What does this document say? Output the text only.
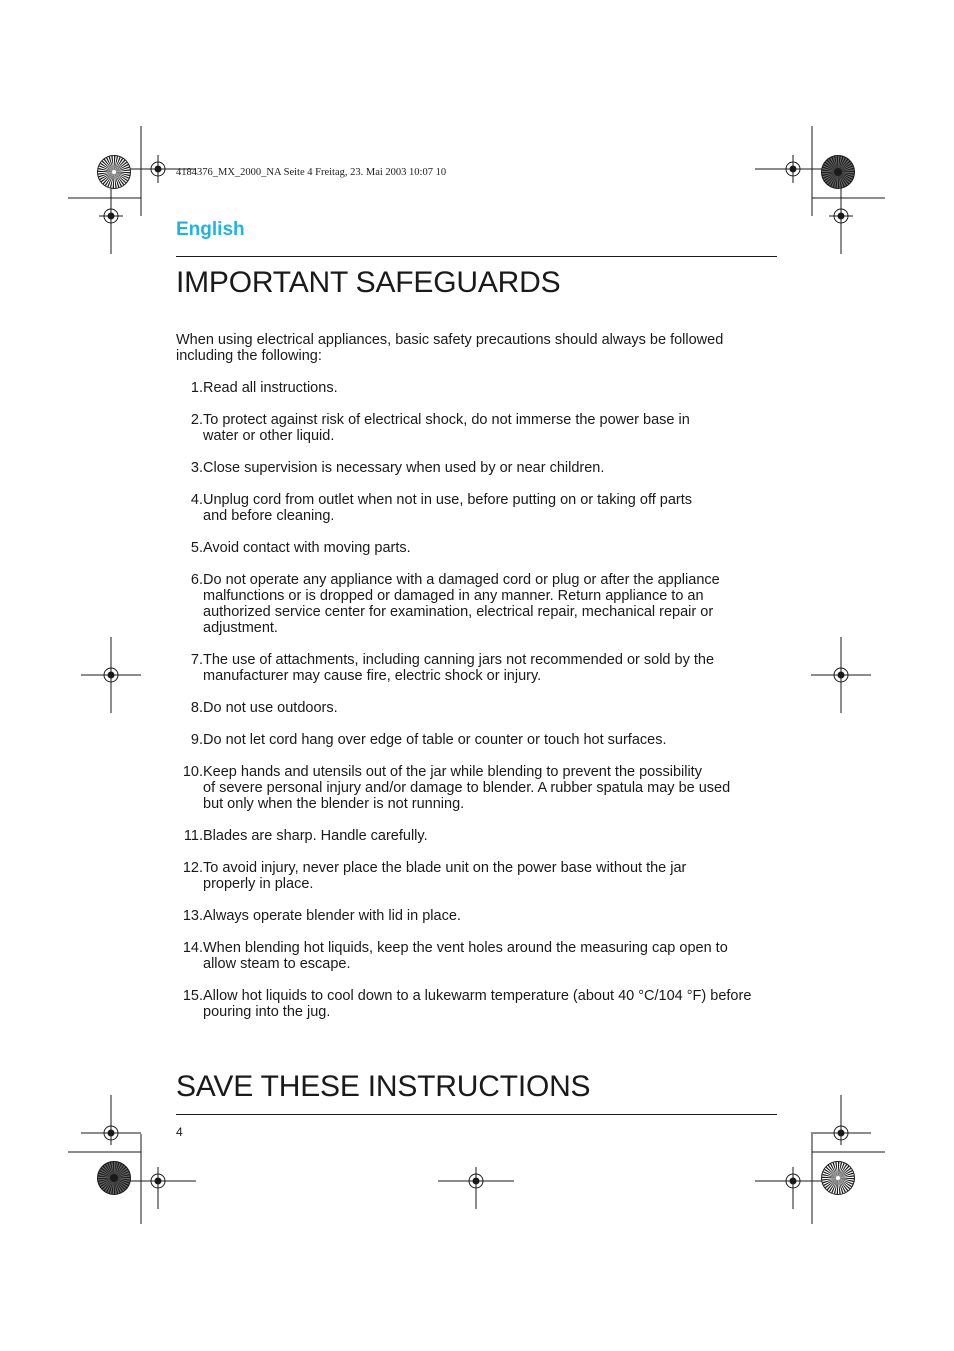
4184376_MX_2000_NA Seite 4 Freitag, 23. Mai 2003 10:07 10
English
IMPORTANT SAFEGUARDS
When using electrical appliances, basic safety precautions should always be followed
including the following:
1. Read all instructions.
2. To protect against risk of electrical shock, do not immerse the power base in
water or other liquid.
3. Close supervision is necessary when used by or near children.
4. Unplug cord from outlet when not in use, before putting on or taking off parts
and before cleaning.
5. Avoid contact with moving parts.
6. Do not operate any appliance with a damaged cord or plug or after the appliance
malfunctions or is dropped or damaged in any manner. Return appliance to an
authorized service center for examination, electrical repair, mechanical repair or
adjustment.
7. The use of attachments, including canning jars not recommended or sold by the
manufacturer may cause fire, electric shock or injury.
8. Do not use outdoors.
9. Do not let cord hang over edge of table or counter or touch hot surfaces.
10. Keep hands and utensils out of the jar while blending to prevent the possibility
of severe personal injury and/or damage to blender. A rubber spatula may be used
but only when the blender is not running.
11. Blades are sharp. Handle carefully.
12. To avoid injury, never place the blade unit on the power base without the jar
properly in place.
13. Always operate blender with lid in place.
14. When blending hot liquids, keep the vent holes around the measuring cap open to
allow steam to escape.
15. Allow hot liquids to cool down to a lukewarm temperature (about 40 °C/104 °F) before
pouring into the jug.
SAVE THESE INSTRUCTIONS
4
